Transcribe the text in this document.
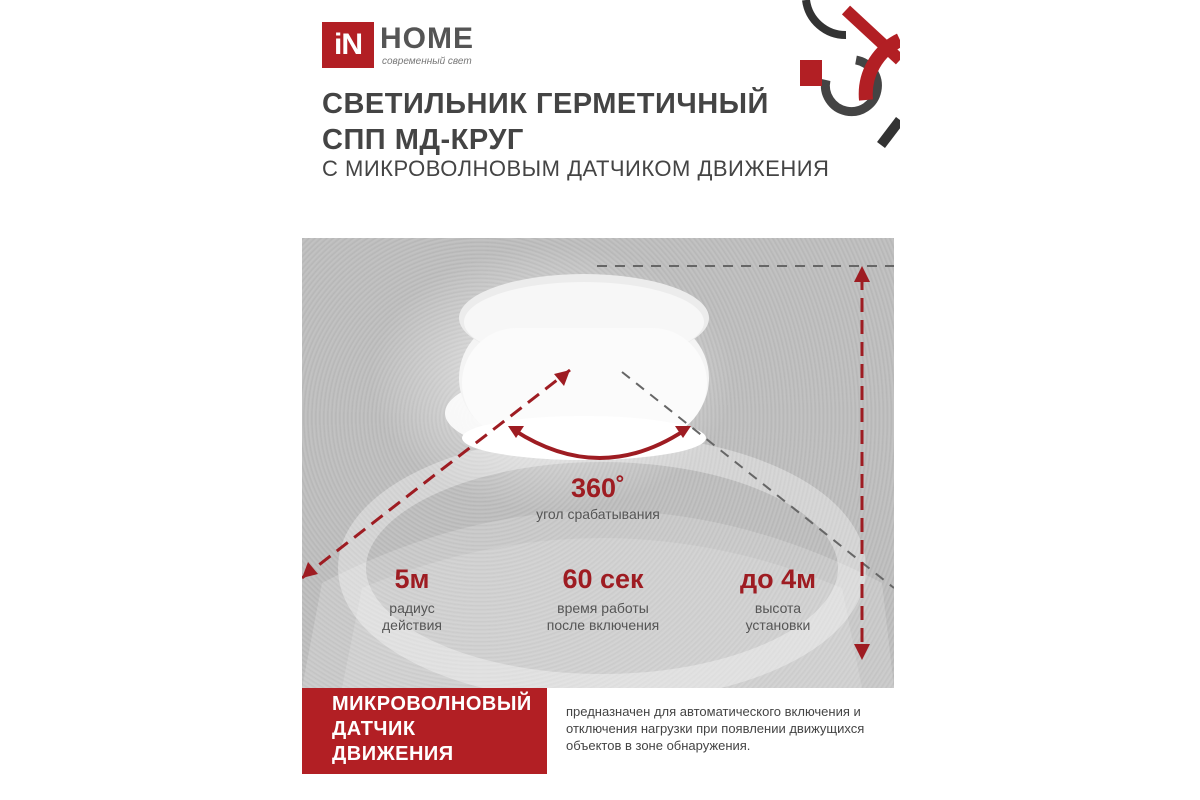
iN HOME
современный свет
СВЕТИЛЬНИК ГЕРМЕТИЧНЫЙ
СПП МД-КРУГ
С МИКРОВОЛНОВЫМ ДАТЧИКОМ ДВИЖЕНИЯ
360˚
угол срабатывания
5м
радиус
действия
60 сек
время работы
после включения
до 4м
высота
установки
МИКРОВОЛНОВЫЙ
ДАТЧИК
ДВИЖЕНИЯ
предназначен для автоматического включения и
отключения нагрузки при появлении движущихся
объектов в зоне обнаружения.
